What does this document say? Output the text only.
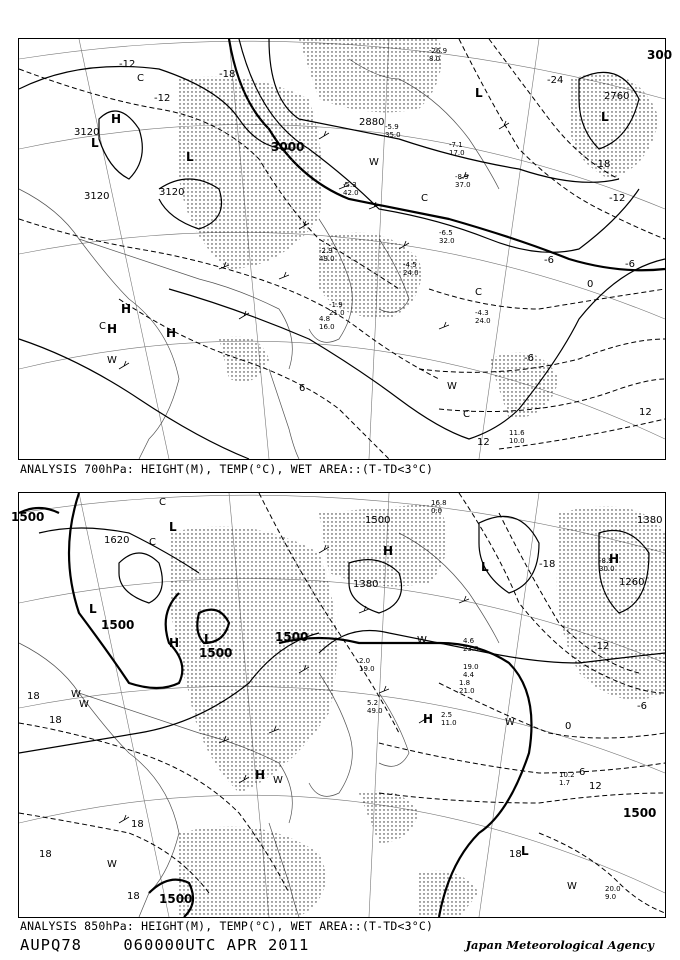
3120
3120	3120
3000
2880
2760
300
-12
-12
-18
-24
-18
-12
-6	-6
-6
0
6
12
12
H
H
L
L
L
L
H
H
C
C
C
W
W
W
C
C
-26.9
8.0
-5.9
35.0
-5.3
42.0
-6.5
32.0
-2.9
49.0
-4.5
24.0
-4.3
24.0
-1.9
21.0
11.6
10.0
4.8
16.0
-7.1
17.0
-8.9
37.0
ANALYSIS 700hPa: HEIGHT(M), TEMP(°C), WET AREA::(T-TD<3°C)
1500
1620
1500
1500
1500
1380
1380
1260
1500
1500
1500
-18
-12
-6
0
6
12
18
18
18
18
18
18
L
L
H L
H
H
L
H
L
H
C
W
W
W
W
C
W
W
W
16.8
0.0
-8.9
30.0
2.0
19.0
1.8
21.0
5.2
49.0	2.5
11.0
4.6
23.0
10.2
1.7
20.0
9.0
19.0
4.4
ANALYSIS 850hPa: HEIGHT(M), TEMP(°C), WET AREA::(T-TD<3°C)
AUPQ78	060000UTC APR 2011	Japan Meteorological Agency
